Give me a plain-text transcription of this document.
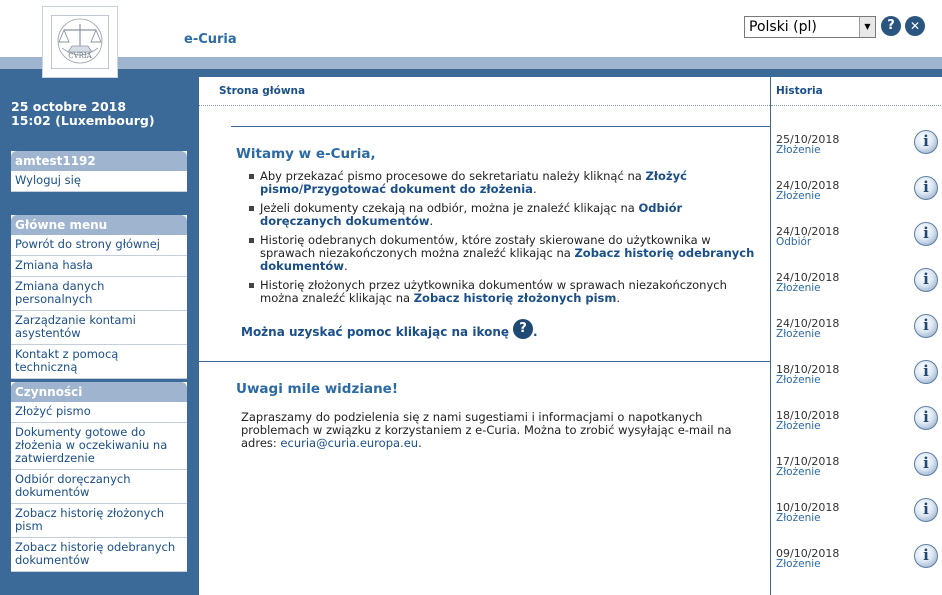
CVRIA
e-Curia
Polski (pl)	▼	?	✕
25 octobre 2018
15:02 (Luxembourg)
amtest1192
Wyloguj się
Główne menu
Powrót do strony głównej
Zmiana hasła
Zmiana danych personalnych
Zarządzanie kontami asystentów
Kontakt z pomocą techniczną
Czynności
Złożyć pismo
Dokumenty gotowe do złożenia w oczekiwaniu na zatwierdzenie
Odbiór doręczanych dokumentów
Zobacz historię złożonych pism
Zobacz historię odebranych dokumentów
Strona główna
Witamy w e-Curia,
Aby przekazać pismo procesowe do sekretariatu należy kliknąć na Złożyć pismo/Przygotować dokument do złożenia.
Jeżeli dokumenty czekają na odbiór, można je znaleźć klikając na Odbiór doręczanych dokumentów.
Historię odebranych dokumentów, które zostały skierowane do użytkownika w sprawach niezakończonych można znaleźć klikając na Zobacz historię odebranych dokumentów.
Historię złożonych przez użytkownika dokumentów w sprawach niezakończonych można znaleźć klikając na Zobacz historię złożonych pism.
Można uzyskać pomoc klikając na ikonę ? .
Uwagi mile widziane!
Zapraszamy do podzielenia się z nami sugestiami i informacjami o napotkanych problemach w związku z korzystaniem z e-Curia. Można to zrobić wysyłając e-mail na adres: ecuria@curia.europa.eu.
Historia
25/10/2018
Złożenie	i
24/10/2018
Złożenie	i
24/10/2018
Odbiór	i
24/10/2018
Złożenie	i
24/10/2018
Złożenie	i
18/10/2018
Złożenie	i
18/10/2018
Złożenie	i
17/10/2018
Złożenie	i
10/10/2018
Złożenie	i
09/10/2018
Złożenie	i
